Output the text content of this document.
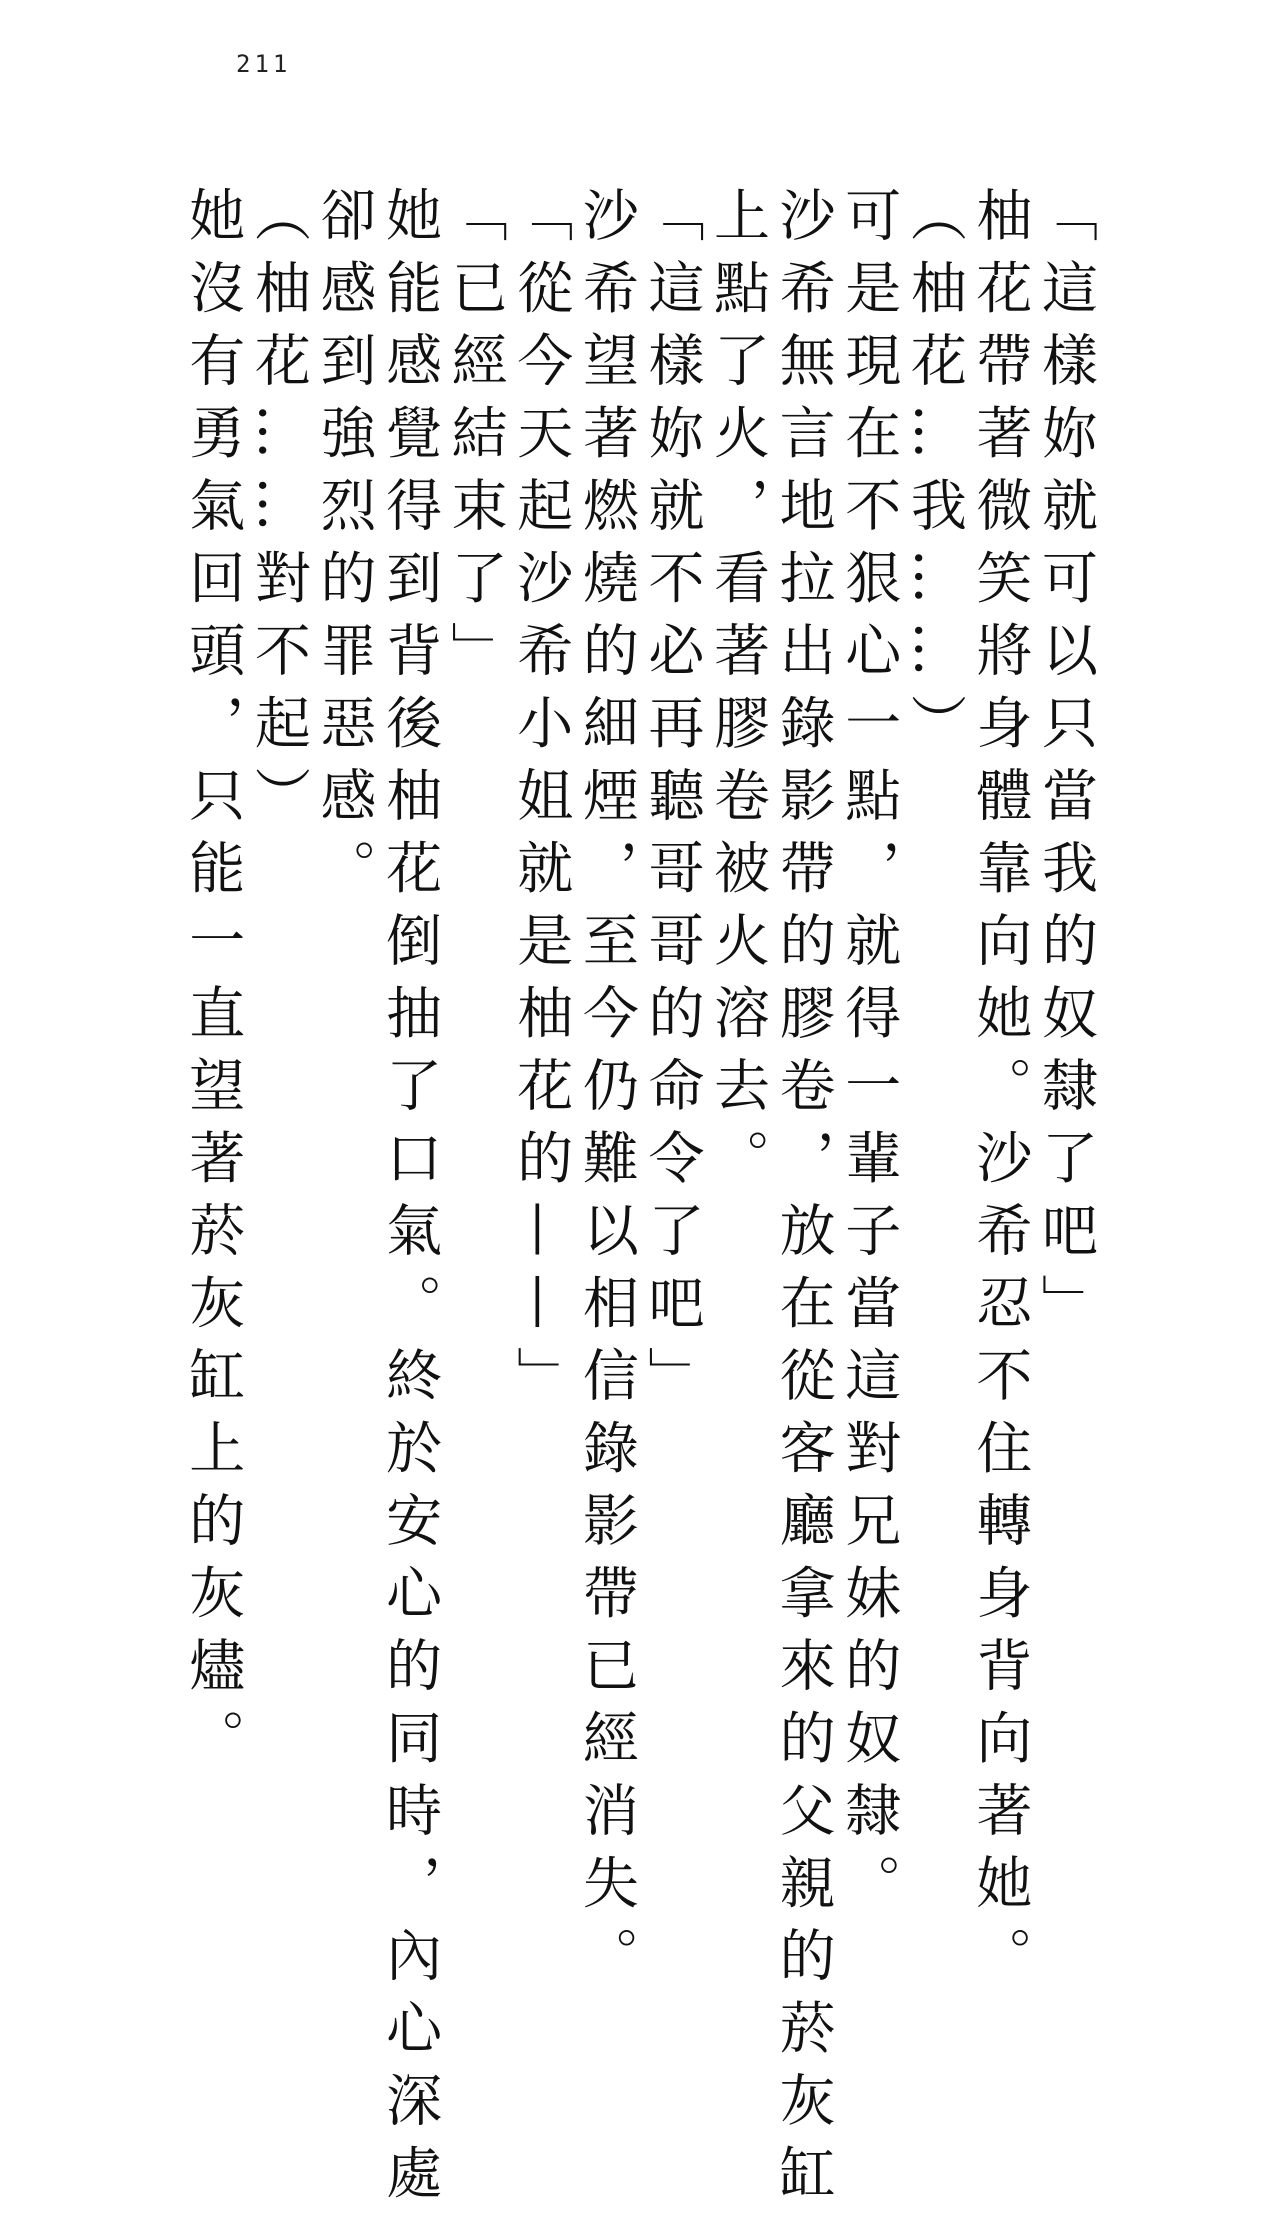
211
「這樣妳就可以只當我的奴隸了吧」
柚花帶著微笑將身體靠向她。沙希忍不住轉身背向著她。
（柚花…我……）
可是現在不狠心一點，就得一輩子當這對兄妹的奴隸。
沙希無言地拉出錄影帶的膠卷，放在從客廳拿來的父親的菸灰缸
上點了火，看著膠卷被火溶去。
「這樣妳就不必再聽哥哥的命令了吧」
沙希望著燃燒的細煙，至今仍難以相信錄影帶已經消失。
「從今天起沙希小姐就是柚花的——」
「已經結束了」
她能感覺得到背後柚花倒抽了口氣。終於安心的同時，內心深處
卻感到強烈的罪惡感。
（柚花……對不起）
她沒有勇氣回頭，只能一直望著菸灰缸上的灰燼。
